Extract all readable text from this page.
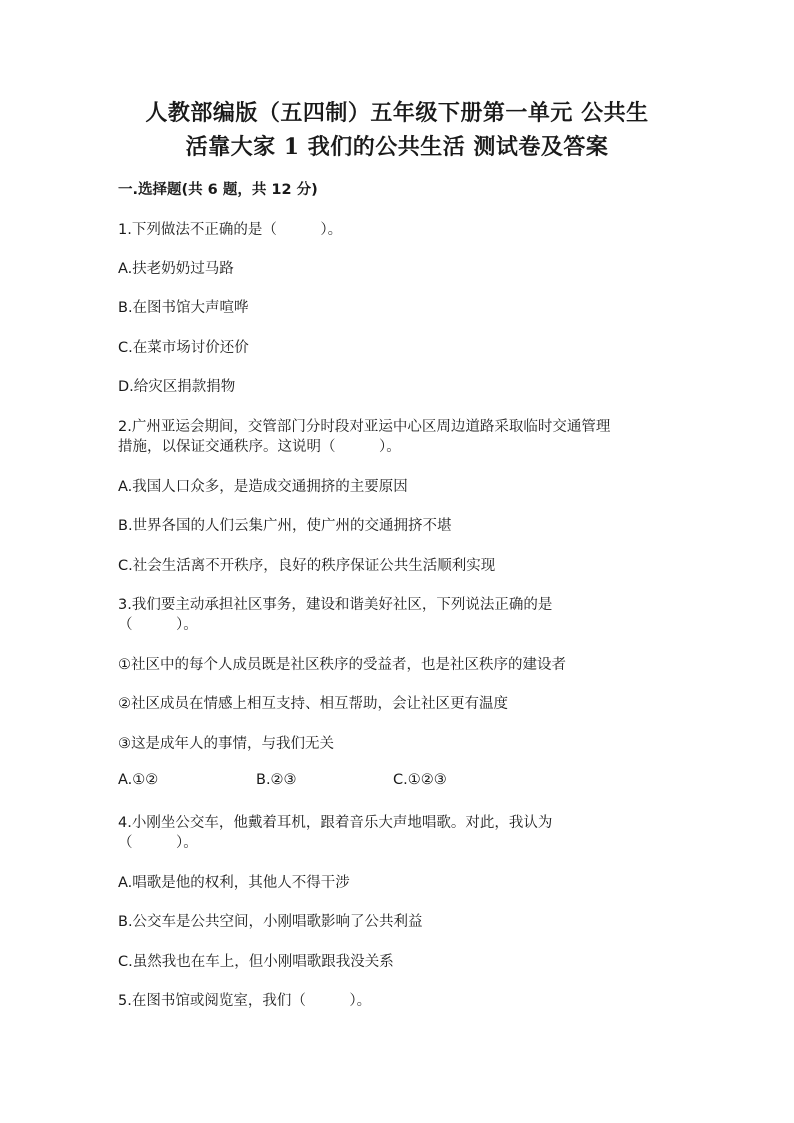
人教部编版（五四制）五年级下册第一单元 公共生
活靠大家 1 我们的公共生活 测试卷及答案
一.选择题(共 6 题，共 12 分)
1.下列做法不正确的是（　　　）。
A.扶老奶奶过马路
B.在图书馆大声喧哗
C.在菜市场讨价还价
D.给灾区捐款捐物
2.广州亚运会期间，交管部门分时段对亚运中心区周边道路采取临时交通管理
措施，以保证交通秩序。这说明（　　　）。
A.我国人口众多，是造成交通拥挤的主要原因
B.世界各国的人们云集广州，使广州的交通拥挤不堪
C.社会生活离不开秩序，良好的秩序保证公共生活顺利实现
3.我们要主动承担社区事务，建设和谐美好社区，下列说法正确的是
（　　　）。
①社区中的每个人成员既是社区秩序的受益者，也是社区秩序的建设者
②社区成员在情感上相互支持、相互帮助，会让社区更有温度
③这是成年人的事情，与我们无关
A.①②	B.②③	C.①②③
4.小刚坐公交车，他戴着耳机，跟着音乐大声地唱歌。对此，我认为
（　　　）。
A.唱歌是他的权利，其他人不得干涉
B.公交车是公共空间，小刚唱歌影响了公共利益
C.虽然我也在车上，但小刚唱歌跟我没关系
5.在图书馆或阅览室，我们（　　　）。
